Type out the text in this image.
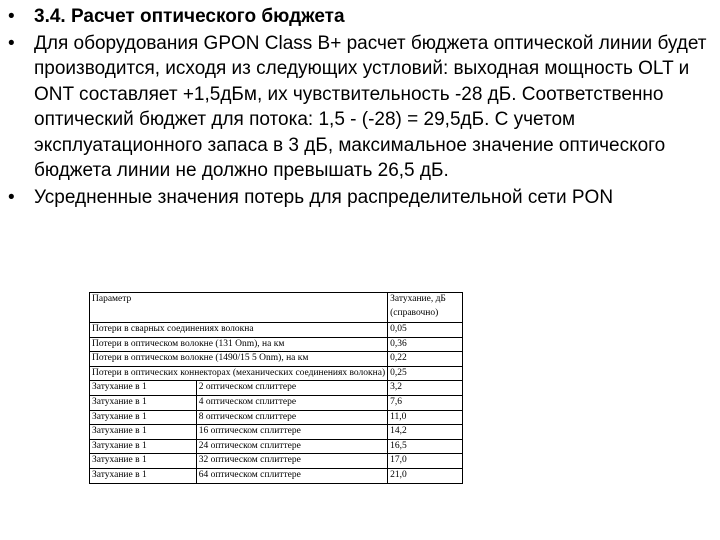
• 3.4. Расчет оптического бюджета
• Для оборудования GPON Class B+ расчет бюджета оптической линии будет производится, исходя из следующих устловий: выходная мощность OLT и ONT составляет +1,5дБм, их чувствительность -28 дБ. Соответственно оптический бюджет для потока: 1,5 - (-28) = 29,5дБ. С учетом эксплуатационного запаса в 3 дБ, максимальное значение оптического бюджета линии не должно превышать 26,5 дБ.
• Усредненные значения потерь для распределительной сети PON
Параметр		Затухание, дБ (справочно)
Потери в сварных соединениях волокна		0,05
Потери в оптическом волокне (131 Onm), на км		0,36
Потери в оптическом волокне (1490/15 5 Onm), на км		0,22
Потери в оптических коннекторах (механических соединениях волокна)		0,25
Затухание в 1	2 оптическом сплиттере	3,2
Затухание в 1	4 оптическом сплиттере	7,6
Затухание в 1	8 оптическом сплиттере	11,0
Затухание в 1	16 оптическом сплиттере	14,2
Затухание в 1	24 оптическом сплиттере	16,5
Затухание в 1	32 оптическом сплиттере	17,0
Затухание в 1	64 оптическом сплиттере	21,0
